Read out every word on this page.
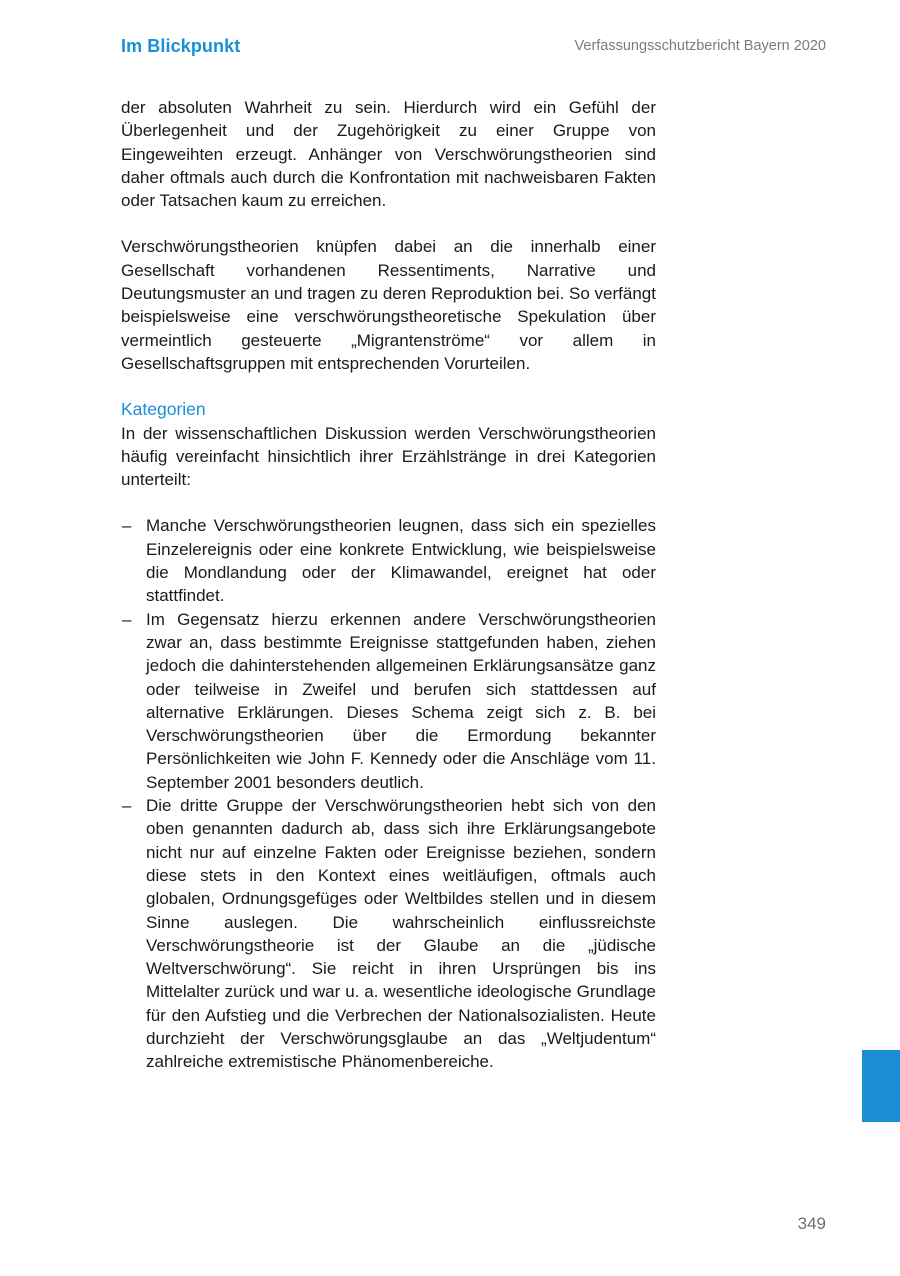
Im Blickpunkt	Verfassungsschutzbericht Bayern 2020

der absoluten Wahrheit zu sein. Hierdurch wird ein Gefühl der Überlegenheit und der Zugehörigkeit zu einer Gruppe von Eingeweihten erzeugt. Anhänger von Verschwörungstheorien sind daher oftmals auch durch die Konfrontation mit nachweisbaren Fakten oder Tatsachen kaum zu erreichen.

Verschwörungstheorien knüpfen dabei an die innerhalb einer Gesellschaft vorhandenen Ressentiments, Narrative und Deutungsmuster an und tragen zu deren Reproduktion bei. So verfängt beispielsweise eine verschwörungstheoretische Spekulation über vermeintlich gesteuerte „Migrantenströme“ vor allem in Gesellschaftsgruppen mit entsprechenden Vorurteilen.

Kategorien

In der wissenschaftlichen Diskussion werden Verschwörungstheorien häufig vereinfacht hinsichtlich ihrer Erzählstränge in drei Kategorien unterteilt:

– Manche Verschwörungstheorien leugnen, dass sich ein spezielles Einzelereignis oder eine konkrete Entwicklung, wie beispielsweise die Mondlandung oder der Klimawandel, ereignet hat oder stattfindet.
– Im Gegensatz hierzu erkennen andere Verschwörungstheorien zwar an, dass bestimmte Ereignisse stattgefunden haben, ziehen jedoch die dahinterstehenden allgemeinen Erklärungsansätze ganz oder teilweise in Zweifel und berufen sich stattdessen auf alternative Erklärungen. Dieses Schema zeigt sich z. B. bei Verschwörungstheorien über die Ermordung bekannter Persönlichkeiten wie John F. Kennedy oder die Anschläge vom 11. September 2001 besonders deutlich.
– Die dritte Gruppe der Verschwörungstheorien hebt sich von den oben genannten dadurch ab, dass sich ihre Erklärungsangebote nicht nur auf einzelne Fakten oder Ereignisse beziehen, sondern diese stets in den Kontext eines weitläufigen, oftmals auch globalen, Ordnungsgefüges oder Weltbildes stellen und in diesem Sinne auslegen. Die wahrscheinlich einflussreichste Verschwörungstheorie ist der Glaube an die „jüdische Weltverschwörung“. Sie reicht in ihren Ursprüngen bis ins Mittelalter zurück und war u. a. wesentliche ideologische Grundlage für den Aufstieg und die Verbrechen der Nationalsozialisten. Heute durchzieht der Verschwörungsglaube an das „Weltjudentum“ zahlreiche extremistische Phänomenbereiche.
349
